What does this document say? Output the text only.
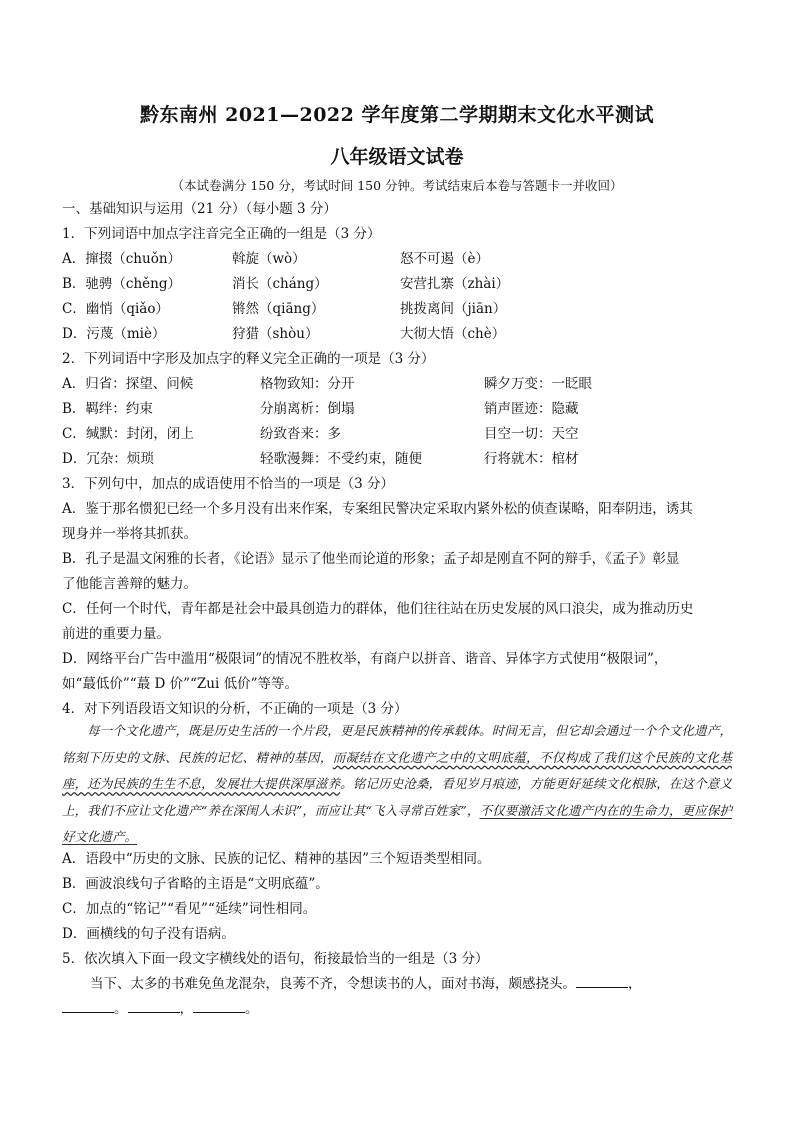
黔东南州 2021—2022 学年度第二学期期末文化水平测试
八年级语文试卷
（本试卷满分 150 分，考试时间 150 分钟。考试结束后本卷与答题卡一并收回）
一、基础知识与运用（21 分）（每小题 3 分）
1．下列词语中加点字注音完全正确的一组是（3 分）
A．撺掇（chuǒn）	斡旋（wò）	怒不可遏（è）
B．驰骋（chěng）	消长（cháng）	安营扎寨（zhài）
C．幽悄（qiǎo）	锵然（qiāng）	挑拨离间（jiān）
D．污蔑（miè）	狩猎（shòu）	大彻大悟（chè）
2．下列词语中字形及加点字的释义完全正确的一项是（3 分）
A．归省：探望、问候	格物致知：分开	瞬夕万变：一眨眼
B．羁绊：约束	分崩离析：倒塌	销声匿迹：隐藏
C．缄默：封闭，闭上	纷致沓来：多	目空一切：天空
D．冗杂：烦琐	轻歌漫舞：不受约束，随便	行将就木：棺材
3．下列句中，加点的成语使用不恰当的一项是（3 分）
A．鉴于那名惯犯已经一个多月没有出来作案，专案组民警决定采取内紧外松的侦查谋略，阳奉阴违，诱其
现身并一举将其抓获。
B．孔子是温文闲雅的长者，《论语》显示了他坐而论道的形象；孟子却是刚直不阿的辩手，《孟子》彰显
了他能言善辩的魅力。
C．任何一个时代，青年都是社会中最具创造力的群体，他们往往站在历史发展的风口浪尖，成为推动历史
前进的重要力量。
D．网络平台广告中滥用“极限词”的情况不胜枚举，有商户以拼音、谐音、异体字方式使用“极限词”，
如“蕞低价”“蕞 D 价”“Zui 低价”等等。
4．对下列语段语文知识的分析，不正确的一项是（3 分）
每一个文化遗产，既是历史生活的一个片段，更是民族精神的传承载体。时间无言，但它却会通过一个个文化遗产，铭刻下历史的文脉、民族的记忆、精神的基因，而凝结在文化遗产之中的文明底蕴，不仅构成了我们这个民族的文化基座，还为民族的生生不息，发展壮大提供深厚滋养。铭记历史沧桑，看见岁月痕迹，方能更好延续文化根脉，在这个意义上，我们不应让文化遗产“养在深闺人未识”，而应让其“飞入寻常百姓家”，不仅要激活文化遗产内在的生命力，更应保护好文化遗产。
A．语段中“历史的文脉、民族的记忆、精神的基因”三个短语类型相同。
B．画波浪线句子省略的主语是“文明底蕴”。
C．加点的“铭记”“看见”“延续”词性相同。
D．画横线的句子没有语病。
5．依次填入下面一段文字横线处的语句，衔接最恰当的一组是（3 分）
当下、太多的书难免鱼龙混杂，良莠不齐，令想读书的人，面对书海，颇感挠头。	，
。	，	。
